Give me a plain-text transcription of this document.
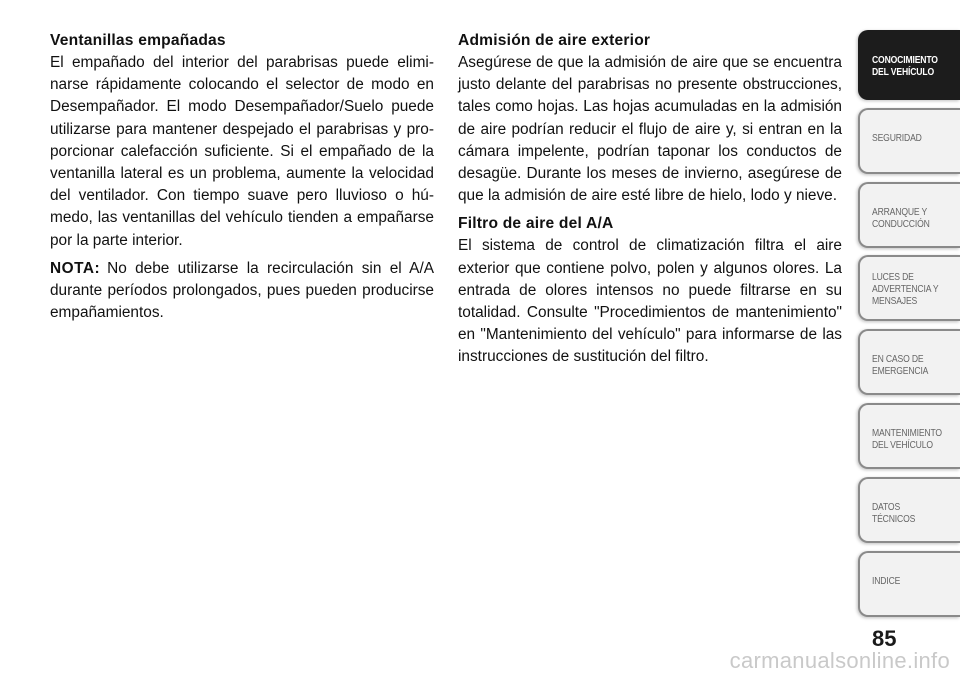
Ventanillas empañadas

El empañado del interior del parabrisas puede eliminarse rápidamente colocando el selector de modo en Desempañador. El modo Desempañador/Suelo puede utilizarse para mantener despejado el parabrisas y proporcionar calefacción suficiente. Si el empañado de la ventanilla lateral es un problema, aumente la velocidad del ventilador. Con tiempo suave pero lluvioso o húmedo, las ventanillas del vehículo tienden a empañarse por la parte interior.

NOTA: No debe utilizarse la recirculación sin el A/A durante períodos prolongados, pues pueden producirse empañamientos.

Admisión de aire exterior

Asegúrese de que la admisión de aire que se encuentra justo delante del parabrisas no presente obstrucciones, tales como hojas. Las hojas acumuladas en la admisión de aire podrían reducir el flujo de aire y, si entran en la cámara impelente, podrían taponar los conductos de desagüe. Durante los meses de invierno, asegúrese de que la admisión de aire esté libre de hielo, lodo y nieve.

Filtro de aire del A/A

El sistema de control de climatización filtra el aire exterior que contiene polvo, polen y algunos olores. La entrada de olores intensos no puede filtrarse en su totalidad. Consulte "Procedimientos de mantenimiento" en "Mantenimiento del vehículo" para informarse de las instrucciones de sustitución del filtro.

CONOCIMIENTO
DEL VEHÍCULO
SEGURIDAD
ARRANQUE Y
CONDUCCIÓN
LUCES DE
ADVERTENCIA Y
MENSAJES
EN CASO DE
EMERGENCIA
MANTENIMIENTO
DEL VEHÍCULO
DATOS
TÉCNICOS
INDICE
85
carmanualsonline.info
